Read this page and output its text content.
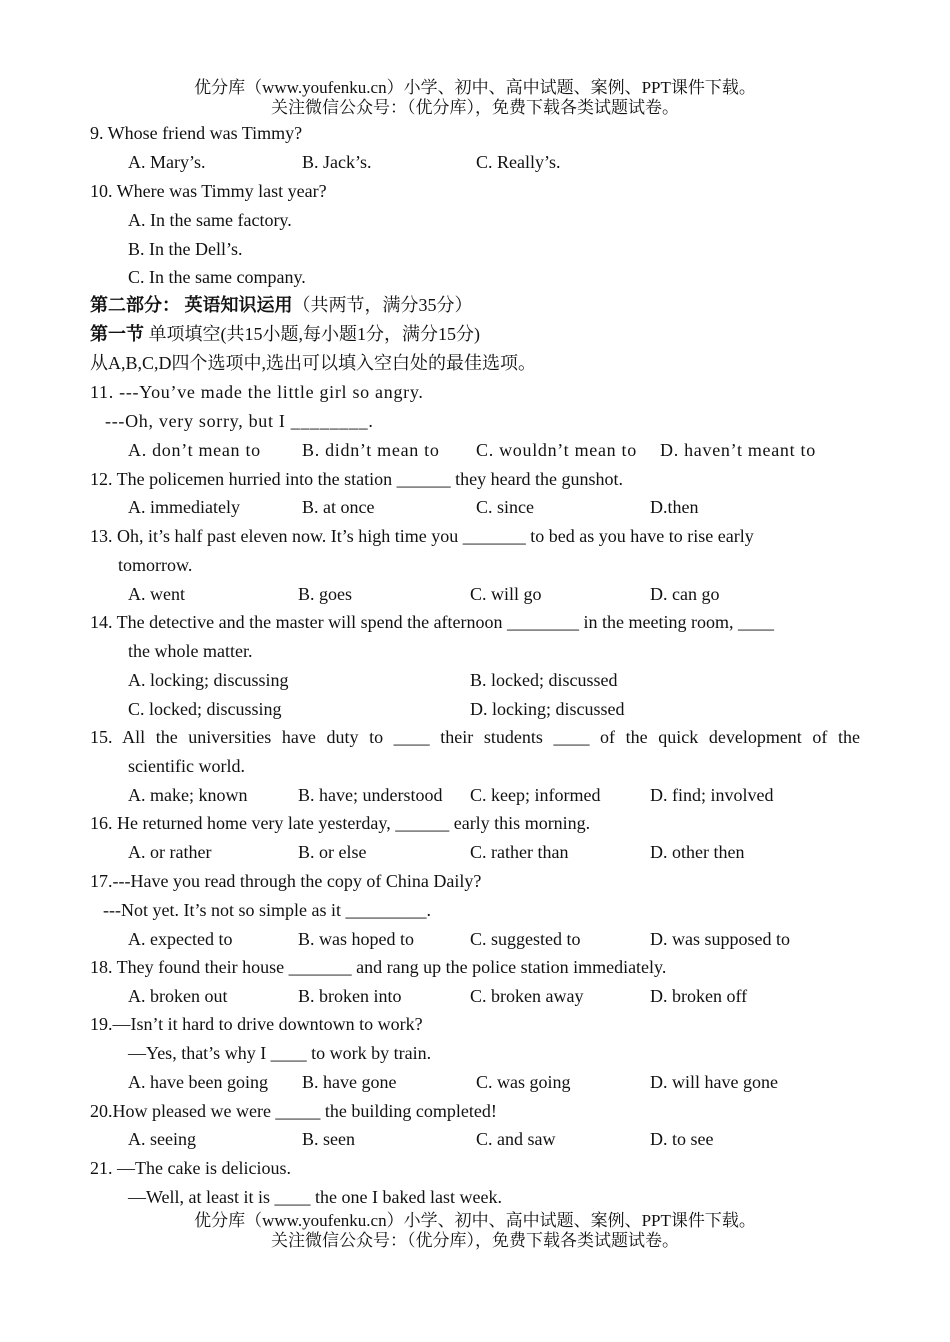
优分库（www.youfenku.cn）小学、初中、高中试题、案例、PPT课件下载。
关注微信公众号：（优分库），免费下载各类试题试卷。
9. Whose friend was Timmy?
A. Mary’s.	B. Jack’s.	C. Really’s.
10. Where was Timmy last year?
A. In the same factory.
B. In the Dell’s.
C. In the same company.
第二部分： 英语知识运用（共两节，满分35分）
第一节 单项填空(共15小题,每小题1分，满分15分)
从A,B,C,D四个选项中,选出可以填入空白处的最佳选项。
11. ---You’ve made the little girl so angry.
---Oh, very sorry, but I ________.
A. don’t mean to B. didn’t mean to C. wouldn’t mean to D. haven’t meant to
12. The policemen hurried into the station ______ they heard the gunshot.
A. immediately	B. at once	C. since	D.then
13. Oh, it’s half past eleven now. It’s high time you _______ to bed as you have to rise early
tomorrow.
A. went	B. goes	C. will go	D. can go
14. The detective and the master will spend the afternoon ________ in the meeting room, ____
the whole matter.
A. locking; discussing	B. locked; discussed
C. locked; discussing	D. locking; discussed
15. All the universities have duty to ____ their students ____ of the quick development of the
scientific world.
A. make; known	B. have; understood C. keep; informed	D. find; involved
16. He returned home very late yesterday, ______ early this morning.
A. or rather	B. or else	C. rather than	D. other then
17.---Have you read through the copy of China Daily?
---Not yet. It’s not so simple as it _________.
A. expected to	B. was hoped to	C. suggested to	D. was supposed to
18. They found their house _______ and rang up the police station immediately.
A. broken out	B. broken into	C. broken away	D. broken off
19.—Isn’t it hard to drive downtown to work?
—Yes, that’s why I ____ to work by train.
A. have been going B. have gone	C. was going	D. will have gone
20.How pleased we were _____ the building completed!
A. seeing	B. seen	C. and saw	D. to see
21. —The cake is delicious.
—Well, at least it is ____ the one I baked last week.
优分库（www.youfenku.cn）小学、初中、高中试题、案例、PPT课件下载。
关注微信公众号：（优分库），免费下载各类试题试卷。
